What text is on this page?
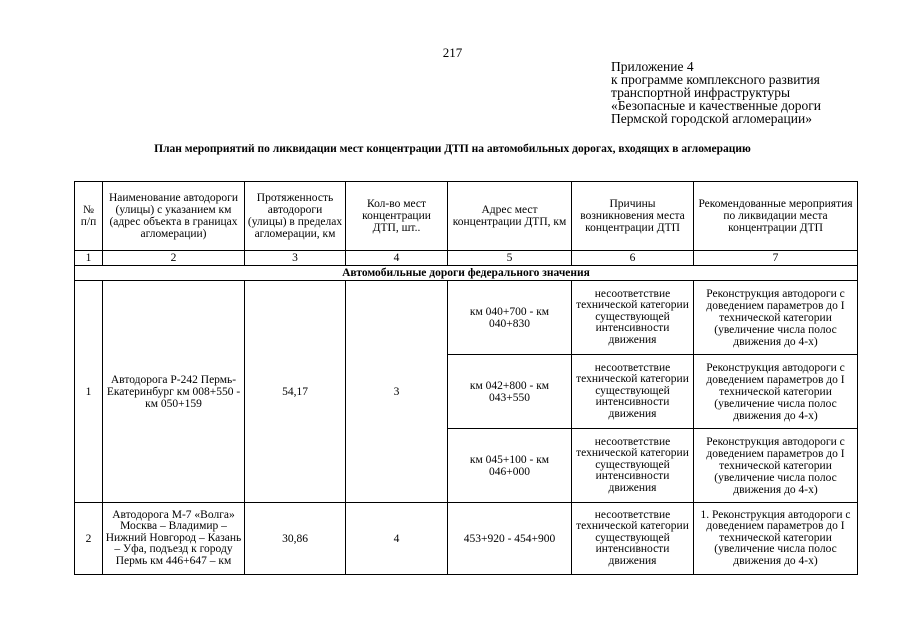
217
Приложение 4
к программе комплексного развития
транспортной инфраструктуры
«Безопасные и качественные дороги
Пермской городской агломерации»
План мероприятий по ликвидации мест концентрации ДТП на автомобильных дорогах, входящих в агломерацию
№ п/п	Наименование автодороги (улицы) с указанием км (адрес объекта в границах агломерации)	Протяженность автодороги (улицы) в пределах агломерации, км	Кол-во мест концентрации ДТП, шт..	Адрес мест концентрации ДТП, км	Причины возникновения места концентрации ДТП	Рекомендованные мероприятия по ликвидации места концентрации ДТП
1	2	3	4	5	6	7
Автомобильные дороги федерального значения						
1	Автодорога Р-242 Пермь-Екатеринбург км 008+550 - км 050+159	54,17	3	км 040+700 - км 040+830	несоответствие технической категории существующей интенсивности движения	Реконструкция автодороги с доведением параметров до I технической категории (увеличение числа полос движения до 4-х)
				км 042+800 - км 043+550	несоответствие технической категории существующей интенсивности движения	Реконструкция автодороги с доведением параметров до I технической категории (увеличение числа полос движения до 4-х)
				км 045+100 - км 046+000	несоответствие технической категории существующей интенсивности движения	Реконструкция автодороги с доведением параметров до I технической категории (увеличение числа полос движения до 4-х)
2	Автодорога М-7 «Волга» Москва – Владимир – Нижний Новгород – Казань – Уфа, подъезд к городу Пермь км 446+647 – км	30,86	4	453+920 - 454+900	несоответствие технической категории существующей интенсивности движения	1. Реконструкция автодороги с доведением параметров до I технической категории (увеличение числа полос движения до 4-х)
